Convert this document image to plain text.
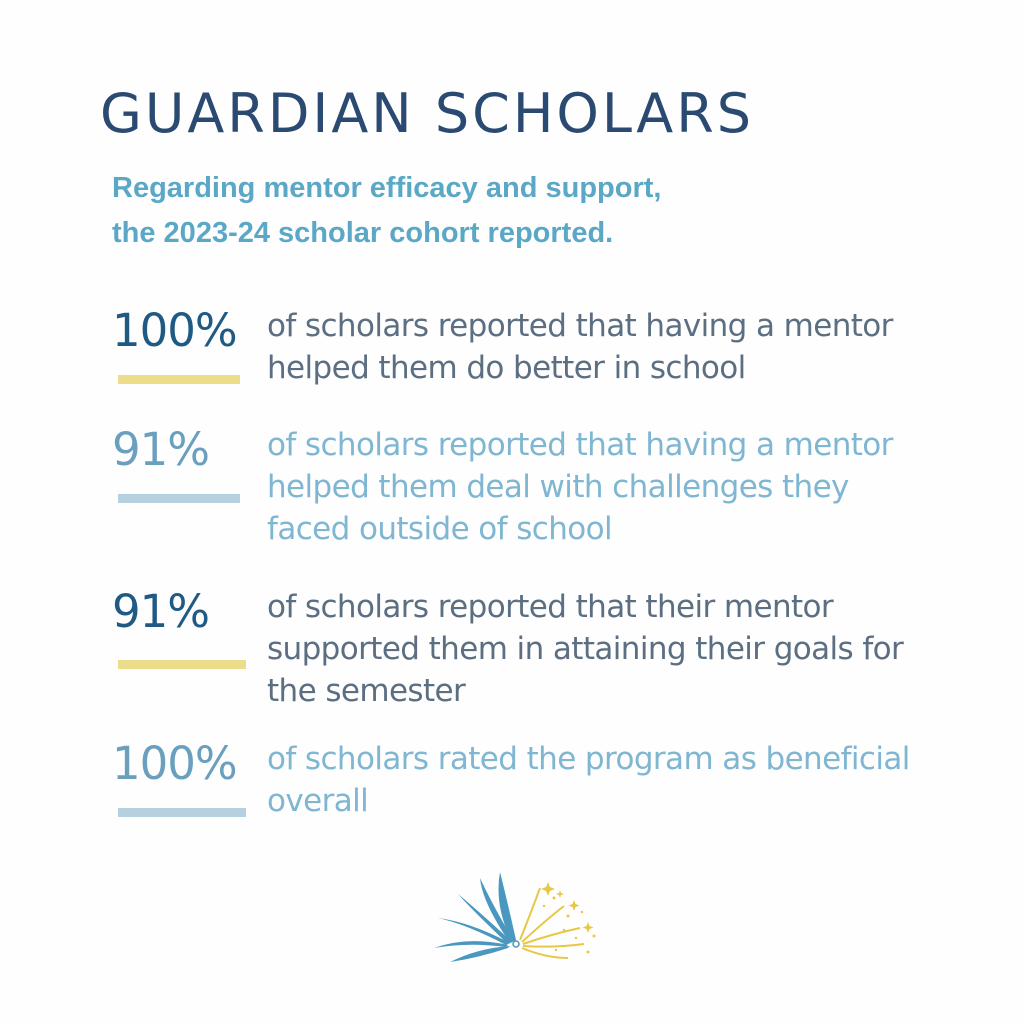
GUARDIAN SCHOLARS

Regarding mentor efficacy and support,
the 2023-24 scholar cohort reported.

100% of scholars reported that having a mentor
helped them do better in school

91%	of scholars reported that having a mentor
helped them deal with challenges they
faced outside of school

91%	of scholars reported that their mentor
supported them in attaining their goals for
the semester

100% of scholars rated the program as beneficial
overall
